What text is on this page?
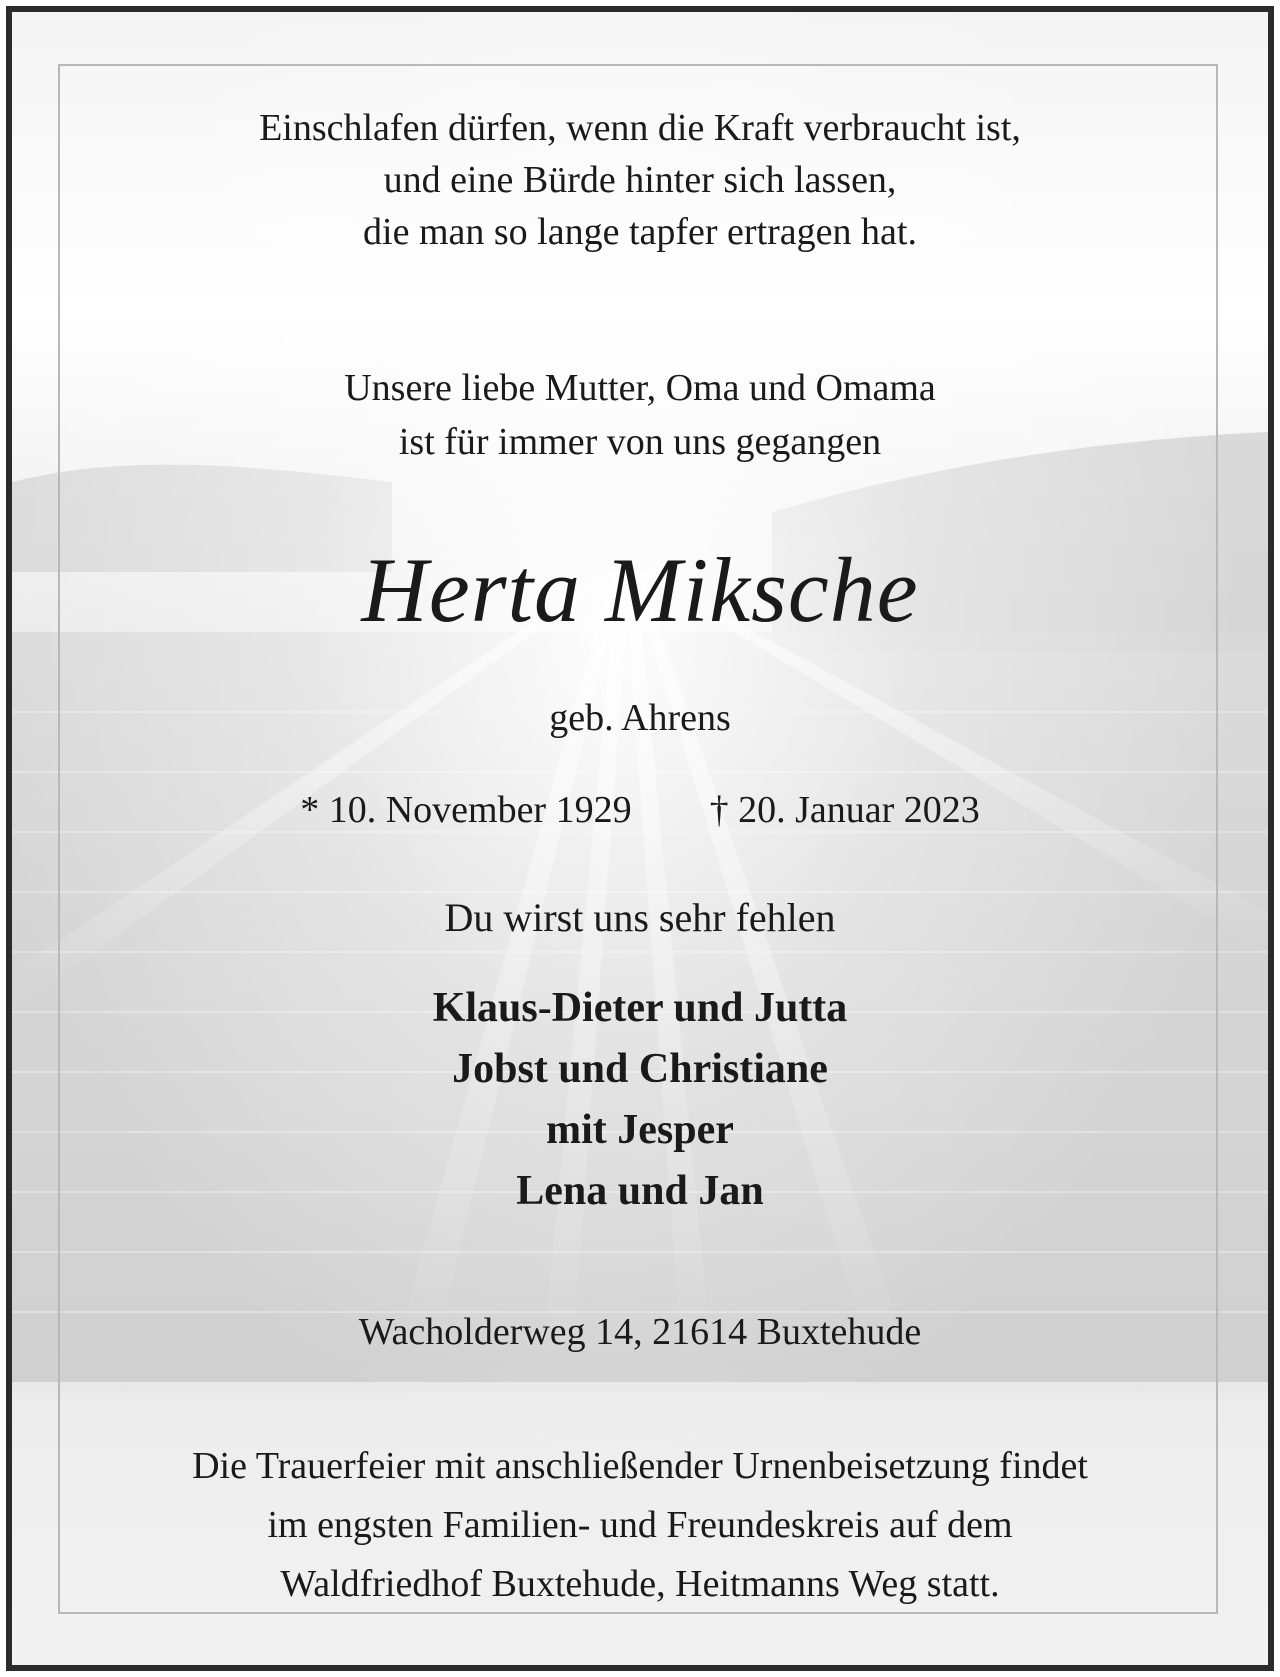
Einschlafen dürfen, wenn die Kraft verbraucht ist,
und eine Bürde hinter sich lassen,
die man so lange tapfer ertragen hat.
Unsere liebe Mutter, Oma und Omama
ist für immer von uns gegangen
Herta Miksche
geb. Ahrens
* 10. November 1929 † 20. Januar 2023
Du wirst uns sehr fehlen
Klaus-Dieter und Jutta
Jobst und Christiane
mit Jesper
Lena und Jan
Wacholderweg 14, 21614 Buxtehude
Die Trauerfeier mit anschließender Urnenbeisetzung findet
im engsten Familien- und Freundeskreis auf dem
Waldfriedhof Buxtehude, Heitmanns Weg statt.
